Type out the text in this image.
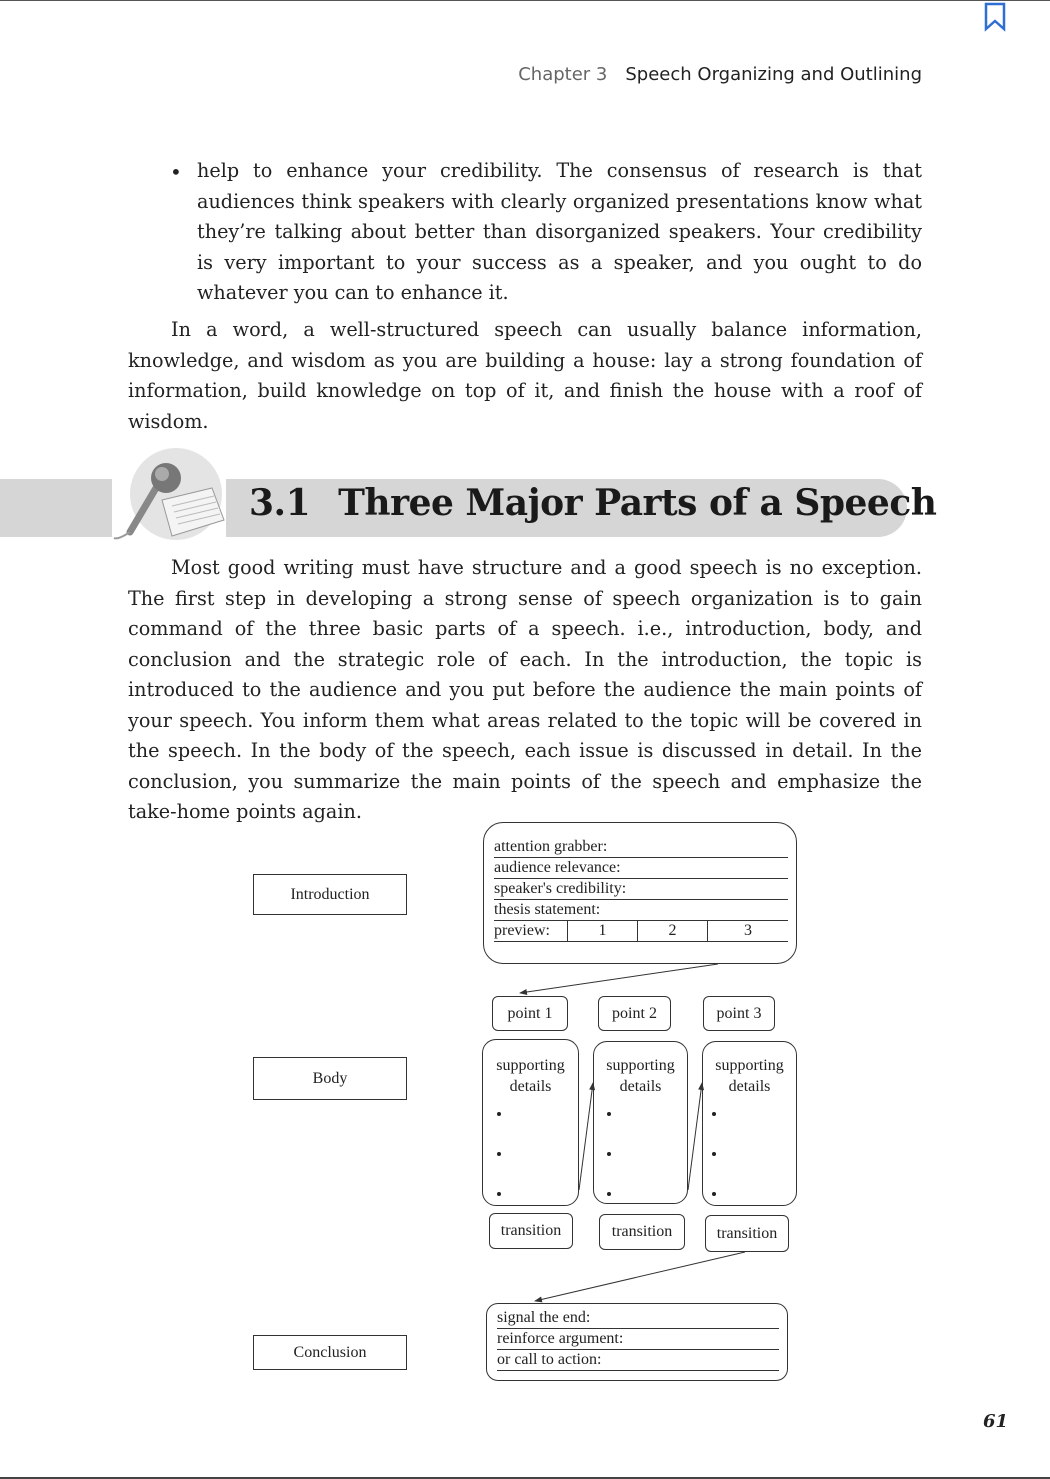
Chapter 3 Speech Organizing and Outlining
• help to enhance your credibility. The consensus of research is that audiences think speakers with clearly organized presentations know what they’re talking about better than disorganized speakers. Your credibility is very important to your success as a speaker, and you ought to do whatever you can to enhance it.
In a word, a well-structured speech can usually balance information, knowledge, and wisdom as you are building a house: lay a strong foundation of information, build knowledge on top of it, and finish the house with a roof of wisdom.
3.1 Three Major Parts of a Speech
Most good writing must have structure and a good speech is no exception. The first step in developing a strong sense of speech organization is to gain command of the three basic parts of a speech. i.e., introduction, body, and conclusion and the strategic role of each. In the introduction, the topic is introduced to the audience and you put before the audience the main points of your speech. You inform them what areas related to the topic will be covered in the speech. In the body of the speech, each issue is discussed in detail. In the conclusion, you summarize the main points of the speech and emphasize the take-home points again.
Introduction
Body
Conclusion
attention grabber:
audience relevance:
speaker's credibility:
thesis statement:
preview:	1	2	3
point 1	point 2	point 3
supporting details
supporting details
supporting details
transition	transition	transition
signal the end:
reinforce argument:
or call to action:
61
